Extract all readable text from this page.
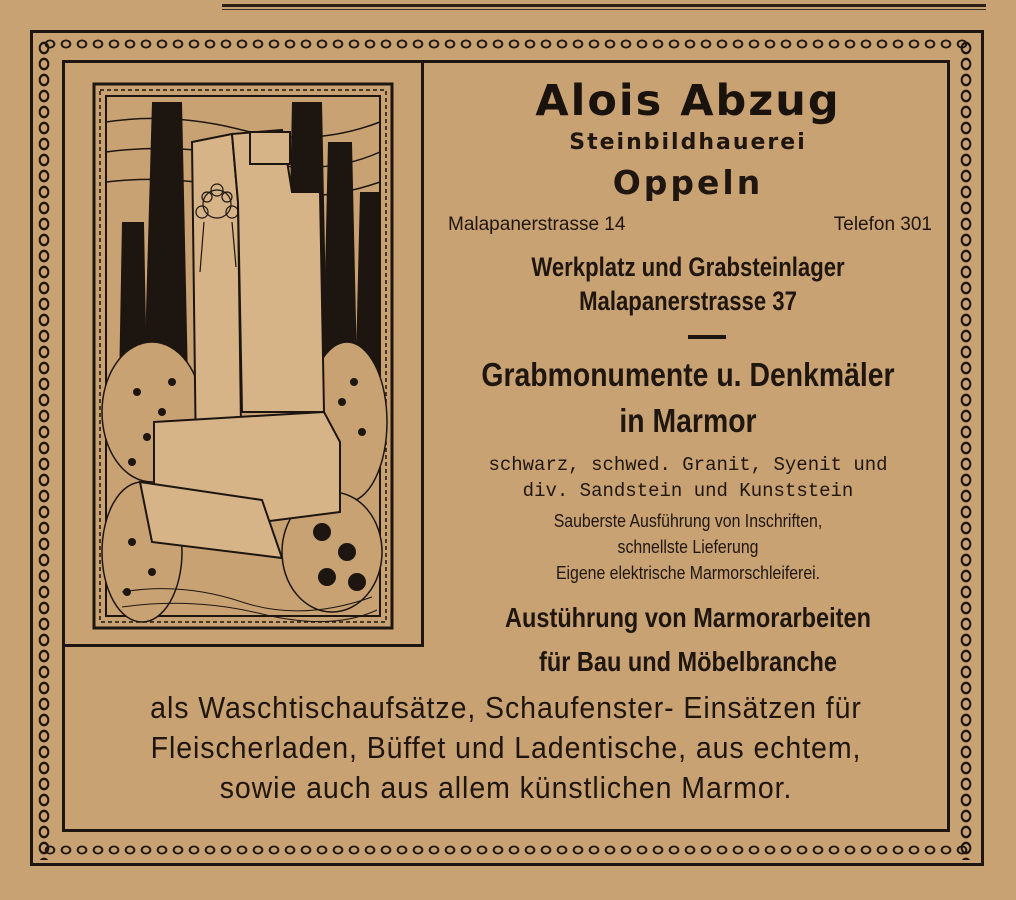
Alois Abzug
Steinbildhauerei
Oppeln
Malapanerstrasse 14	Telefon 301
Werkplatz und Grabsteinlager
Malapanerstrasse 37
Grabmonumente u. Denkmäler
in Marmor
schwarz, schwed. Granit, Syenit und
div. Sandstein und Kunststein
Sauberste Ausführung von Inschriften,
schnellste Lieferung
Eigene elektrische Marmorschleiferei.
Austührung von Marmorarbeiten
für Bau und Möbelbranche
als Waschtischaufsätze, Schaufenster- Einsätzen für
Fleischerladen, Büffet und Ladentische, aus echtem,
sowie auch aus allem künstlichen Marmor.
